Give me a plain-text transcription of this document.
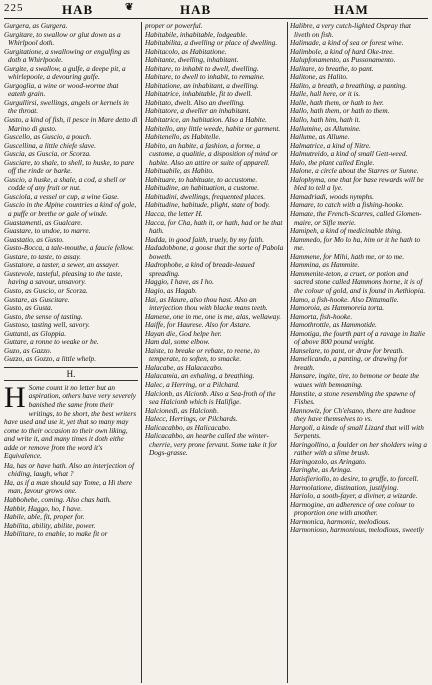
225	HAB	❦	HAB	HAM

Gurgera, as Gurgera.

Gurgitare, to swallow or glut down as a Whirlpool doth.

Gurgitatione, a swallowing or engulfing as doth a Whirlpoole.

Gurgite, a swallow, a gulfe, a deepe pit, a whirlepoole, a devouring gulfe.

Gurgoglia, a wine or wood-worme that eateth grain.

Gurgullirsi, swellings, angels or kernels in the throat.

Gusto, a kind of fish, il pesce in Mare detto di Marino di gusto.

Guscello, as Guscio, a pouch.

Guscellina, a little chiefe slave.

Guscia, as Guscia, or Scorza.

Gusciare, to shale, to shell, to huske, to pare off the rinde or barke.

Guscio, a huske, a shale, a cod, a shell or codde of any fruit or nut.

Gusciola, a vessel or cup, a wine Gase.

Guscio in the Alpine countries a kind of gole, a puffe or brethe or gale of winde.

Guastamenti, as Gualcare.

Guastare, to undoe, to marre.

Guastatio, as Gusto.

Gusto-Bocca, a tale-mouthe, a faucie fellow.

Gustare, to taste, to assay.

Gustatore, a taster, a sewer, an assayer.

Gustevole, tasteful, pleasing to the taste, having a savour, unsavory.

Gusto, as Guscio, or Scorza.

Gustare, as Guscitare.

Gusto, as Gusta.

Gusto, the sense of tasting.

Gustoso, tasting well, savory.

Guttanti, as Gloppia.

Guttare, a ronne to weake or be.

Guzo, as Gazzo.

Guzzo, as Gozzo, a little whelp.

H.

H Some count it no letter but an aspiration, others have very severely banished the same from their writings, to be short, the best writers have used and use it, yet that so many may come to their occasion to their own liking, and write it, and many times it doth eithe adde or remove from the word it's Equivalence.

Ha, has or have hath. Also an interjection of chiding, laugh, what ?

Ha, as if a man should say Tome, a Hi there man, favour grows one.

Habbohebe, coming. Also chas hath.

Habbir, Haggo, ho, I have.

Habile, able, fit, proper for.

Habilita, ability, abilite, power.

Habilitare, to enable, to make fit or

proper or powerful.

Habitabile, inhabitable, lodgeable.

Habitabilita, a dwelling or place of dwelling.

Habitacolo, as Habitatione.

Habitante, dwelling, inhabitant.

Habitare, to inhabit to dwell, dwelling.

Habitare, to dwell to inhabit, to remaine.

Habitatione, an inhabitant, a dwelling.

Habitatrice, inhabitable, fit to dwell.

Habitato, dwelt. Also an dwelling.

Habitatore, a dweller an inhabitant.

Habitatrice, an habitation. Also a Habite.

Habitello, any little weede, habite or garment.

Habitenello, as Habitelle.

Habito, an habite, a fashion, a forme, a custome, a qualitie, a disposition of mind or habite. Also an attire or suite of apparell.

Habituabile, as Habito.

Habituare, to habituate, to accustome.

Habitudine, an habituation, a custome.

Habitudini, dwellings, frequented places.

Habitudine, habitude, plight, state of body.

Hacca, the letter H.

Hacca, for Cha, hath it, or hath, had or he that hath.

Hadda, in good faith, truely, by my faith.

Hadadobbone, a goose that the sorte of Pabola boweth.

Hadrophobe, a kind of breade-leaued spreading.

Haggio, I have, as I ho.

Hagio, as Hagab.

Hai, as Haure, also thou hast. Also an interjection thou with blacke mans teeth.

Hamene, one in me, one is me, alas, wellaway.

Haiffe, for Haurese. Also for Astare.

Hayan die, God helpe her.

Ham dal, some elbow.

Haiste, to breake or rebate, to reene, to temperate, to soften, to smacke.

Halacabe, as Halacacabo.

Halacamia, an exhaling, a breathing.

Halec, a Herring, or a Pilchard.

Halcionb, as Alcionb. Also a Sea-froth of the sea Halcionb which is Halifige.

Halcionedi, as Halcionb.

Halecc, Herrings, or Pilchards.

Halicacabbo, as Halicacabo.

Halicacabbo, an hearbe called the winter-cherrie, very prone fervant. Some take it for Dogs-grasse.

Halibre, a very cutch-lighted Ospray that liveth on fish.

Halimade, a kind of sea or forest wine.

Halimbole, a kind of hard Oke-tree.

Halupfonamento, as Pussonamento.

Halitare, to breathe, to pant.

Halitone, as Halito.

Halito, a breath, a breathing, a panting.

Halle, hall here, or it is.

Halle, hath them, or hath to her.

Hallo, hath them, or hath to them.

Hallo, hath him, hath it.

Hallumine, as Allumine.

Hallume, as Allume.

Halmatrice, a kind of Nitre.

Halmutreido, a kind of small Gett-weed.

Halo, the plant called Engle.

Halone, a circle about the Starres or Sunne.

Halophyma, one that for base rewards will be bled to tell a lye.

Hamadriadi, woods nymphs.

Hamare, to catch with a fishing-hooke.

Hamate, the French-Scarres, called Glomen-maire, or Sifle merie.

Hamipeh, a kind of medicinable thing.

Hammedo, for Mo lo ha, him or it he hath to me.

Hammene, for Mihi, hath me, or to me.

Hammina, as Hammite.

Hammenite-teton, a cruet, or potion and sacred stone called Hammons horne, it is of the colour of gold, and is found in Aethiopia.

Hamo, a fish-hooke. Also Dittamalle.

Hamoroia, as Hammoreia torta.

Hamorta, fish-hooke.

Hamothrottle, as Hammotide.

Hamotiga, the fourth part of a ravage in Italie of above 800 pound weight.

Hanselare, to pant, or draw for breath.

Hamelicando, a panting, or drawing for breath.

Hansare, ingite, tire, to bemone or beate the waues with bemoaning.

Hanstite, a stone resembling the spawne of Fishes.

Hannowiz, for Ch'elsano, there are hadnoe they have themselves to vs.

Hargoli, a kinde of small Lizard that will with Serpents.

Haringollino, a foulder on her sholders wing a rather with a slime brush.

Haringozolo, as Aringato.

Haringhe, as Aringa.

Hatisfieriollo, to desire, to gruffe, to forcell.

Harmolatione, distination, justifying.

Hariolo, a sooth-fayer, a diviner, a wizarde.

Harmogine, an adherence of one colour to proportion one with another.

Harmonica, harmonic, melodious.

Harmonioso, harmonious, melodious, sweetly
